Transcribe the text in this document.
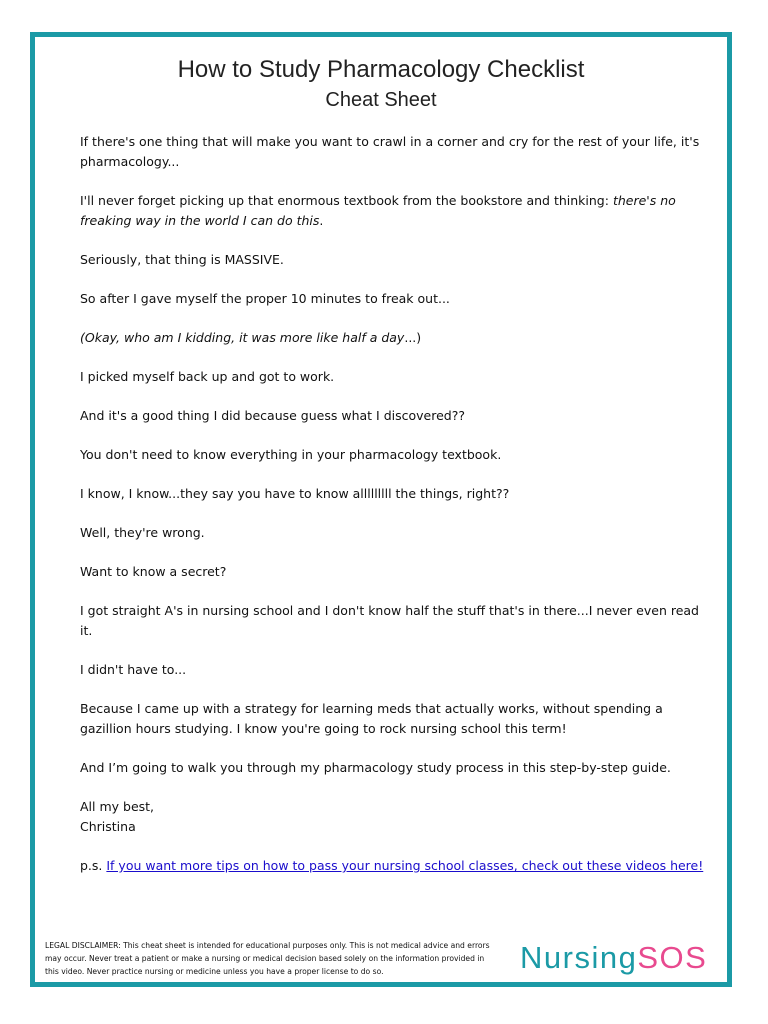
How to Study Pharmacology Checklist
Cheat Sheet

If there's one thing that will make you want to crawl in a corner and cry for the rest of your life, it's pharmacology...

I'll never forget picking up that enormous textbook from the bookstore and thinking: there's no freaking way in the world I can do this.

Seriously, that thing is MASSIVE.

So after I gave myself the proper 10 minutes to freak out...

(Okay, who am I kidding, it was more like half a day...)

I picked myself back up and got to work.

And it's a good thing I did because guess what I discovered??

You don't need to know everything in your pharmacology textbook.

I know, I know...they say you have to know alllllllll the things, right??

Well, they're wrong.

Want to know a secret?

I got straight A's in nursing school and I don't know half the stuff that's in there...I never even read it.

I didn't have to...

Because I came up with a strategy for learning meds that actually works, without spending a gazillion hours studying. I know you're going to rock nursing school this term!

And I’m going to walk you through my pharmacology study process in this step-by-step guide.

All my best,
Christina

p.s. If you want more tips on how to pass your nursing school classes, check out these videos here!

LEGAL DISCLAIMER: This cheat sheet is intended for educational purposes only. This is not medical advice and errors may occur. Never treat a patient or make a nursing or medical decision based solely on the information provided in this video. Never practice nursing or medicine unless you have a proper license to do so.	NursingSOS
